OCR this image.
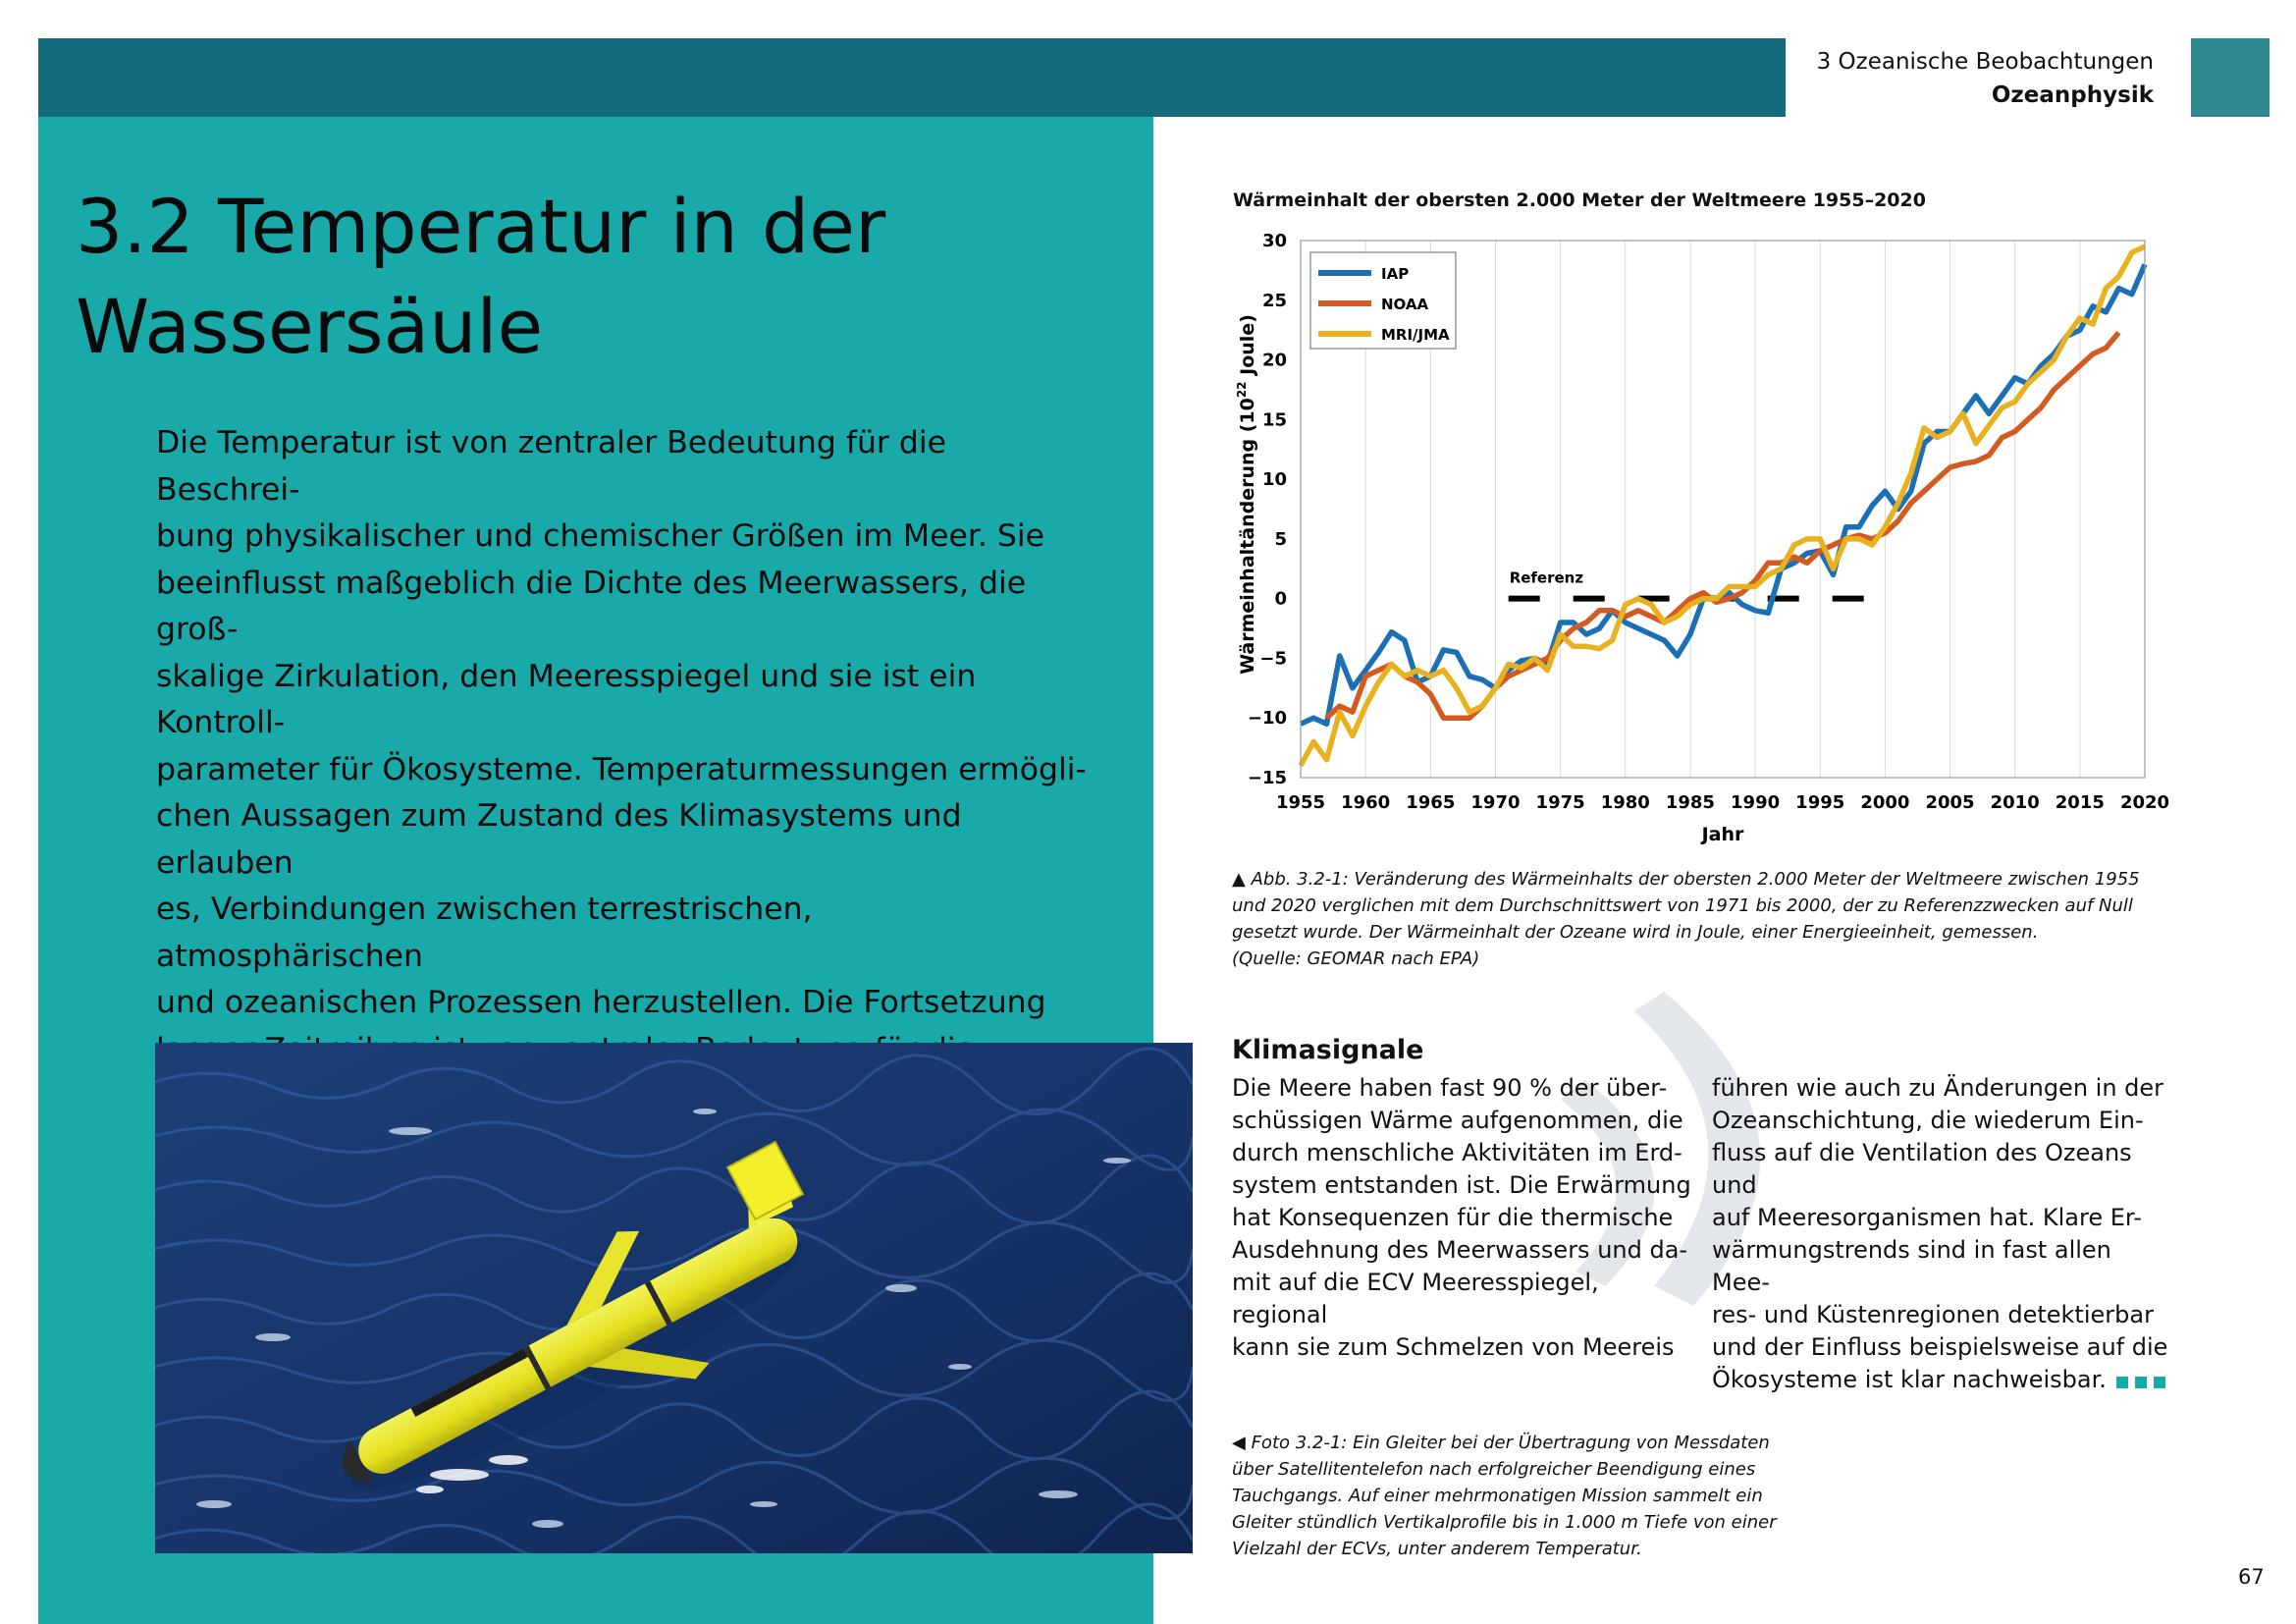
3 Ozeanische Beobachtungen
Ozeanphysik
3.2 Temperatur in der
Wassersäule
Die Temperatur ist von zentraler Bedeutung für die Beschrei-
bung physikalischer und chemischer Größen im Meer. Sie
beeinflusst maßgeblich die Dichte des Meerwassers, die groß-
skalige Zirkulation, den Meeresspiegel und sie ist ein Kontroll-
parameter für Ökosysteme. Temperaturmessungen ermögli-
chen Aussagen zum Zustand des Klimasystems und erlauben
es, Verbindungen zwischen terrestrischen, atmosphärischen
und ozeanischen Prozessen herzustellen. Die Fortsetzung
Wärmeinhalt der obersten 2.000 Meter der Weltmeere 1955–2020
Referenz
1955 1960 1965 1970 1975 1980 1985 1990 1995 2000 2005 2010 2015 2020
−15
−10
−5
0
5
10
15
20
25
30
IAP
NOAA
MRI/JMA
Jahr
Wärmeinhaltänderung ($10^{22}$ Joule)
▲ Abb. 3.2-1: Veränderung des Wärmeinhalts der obersten 2.000 Meter der Weltmeere zwischen 1955 und 2020 verglichen mit dem Durchschnittswert von 1971 bis 2000, der zu Referenzzwecken auf Null gesetzt wurde. Der Wärmeinhalt der Ozeane wird in Joule, einer Energieeinheit, gemessen.
(Quelle: GEOMAR nach EPA)
Klimasignale
Die Meere haben fast 90 % der über-
schüssigen Wärme aufgenommen, die
durch menschliche Aktivitäten im Erd-
system entstanden ist. Die Erwärmung
hat Konsequenzen für die thermische
Ausdehnung des Meerwassers und da-
mit auf die ECV Meeresspiegel, regional
kann sie zum Schmelzen von Meereis
führen wie auch zu Änderungen in der
Ozeanschichtung, die wiederum Ein-
fluss auf die Ventilation des Ozeans und
auf Meeresorganismen hat. Klare Er-
wärmungstrends sind in fast allen Mee-
res- und Küstenregionen detektierbar
und der Einfluss beispielsweise auf die
Ökosysteme ist klar nachweisbar.
◀ Foto 3.2-1: Ein Gleiter bei der Übertragung von Messdaten
über Satellitentelefon nach erfolgreicher Beendigung eines
Tauchgangs. Auf einer mehrmonatigen Mission sammelt ein
Gleiter stündlich Vertikalprofile bis in 1.000 m Tiefe von einer
Vielzahl der ECVs, unter anderem Temperatur.
67
